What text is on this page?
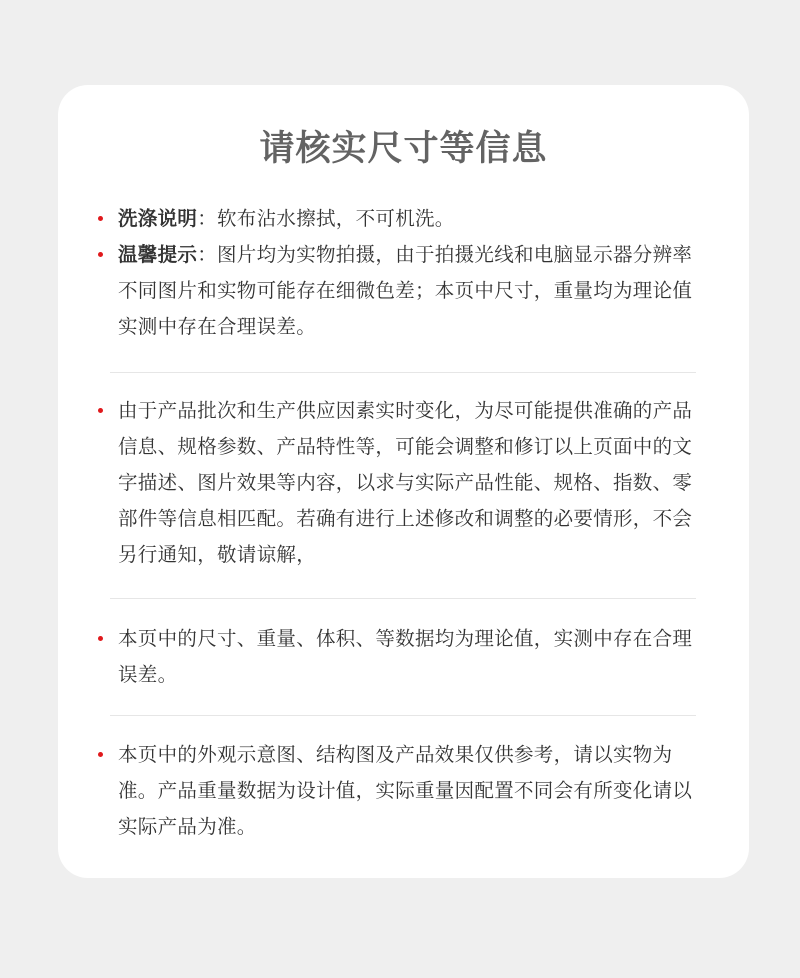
请核实尺寸等信息
洗涤说明：软布沾水擦拭，不可机洗。
温馨提示：图片均为实物拍摄，由于拍摄光线和电脑显示器分辨率不同图片和实物可能存在细微色差；本页中尺寸，重量均为理论值实测中存在合理误差。
由于产品批次和生产供应因素实时变化，为尽可能提供准确的产品信息、规格参数、产品特性等，可能会调整和修订以上页面中的文字描述、图片效果等内容，以求与实际产品性能、规格、指数、零部件等信息相匹配。若确有进行上述修改和调整的必要情形，不会另行通知，敬请谅解，
本页中的尺寸、重量、体积、等数据均为理论值，实测中存在合理误差。
本页中的外观示意图、结构图及产品效果仅供参考，请以实物为准。产品重量数据为设计值，实际重量因配置不同会有所变化请以实际产品为准。
